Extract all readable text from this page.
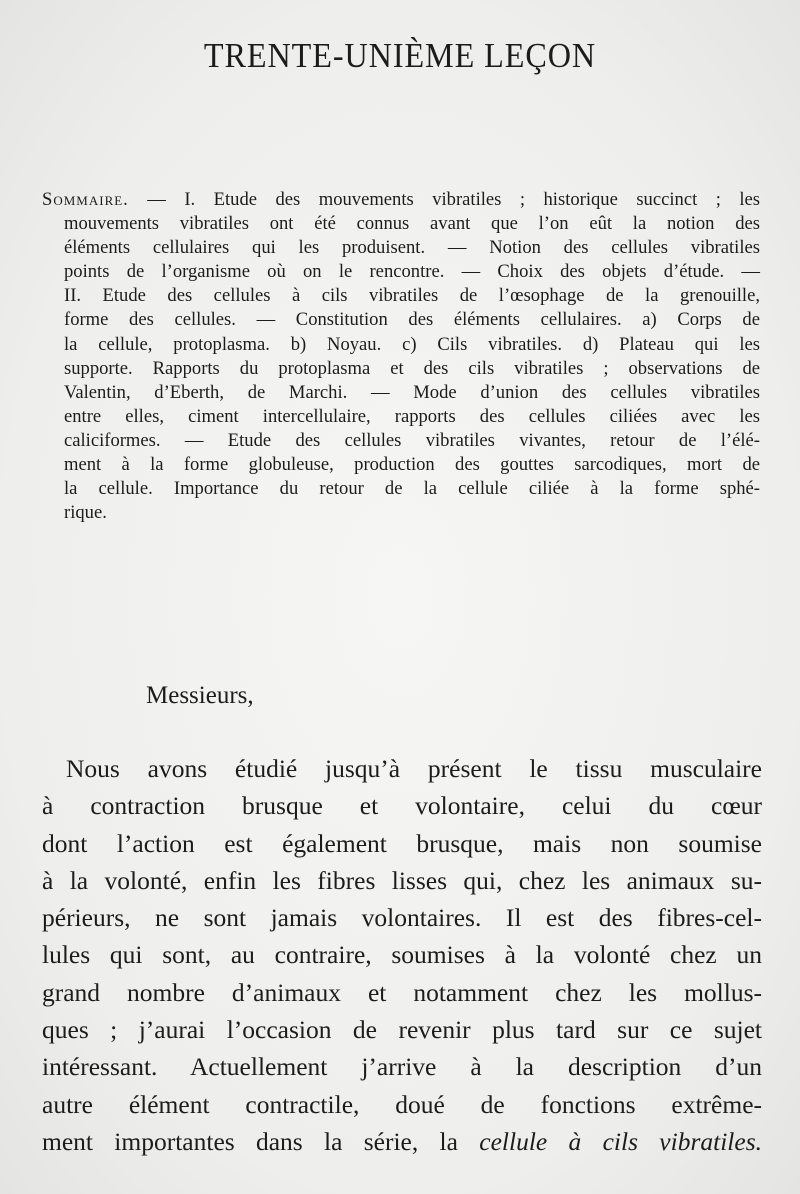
TRENTE-UNIÈME LEÇON
Sommaire. — I. Etude des mouvements vibratiles ; historique succinct ; les
mouvements vibratiles ont été connus avant que l’on eût la notion des
éléments cellulaires qui les produisent. — Notion des cellules vibratiles
points de l’organisme où on le rencontre. — Choix des objets d’étude. —
II. Etude des cellules à cils vibratiles de l’œsophage de la grenouille,
forme des cellules. — Constitution des éléments cellulaires. a) Corps de
la cellule, protoplasma. b) Noyau. c) Cils vibratiles. d) Plateau qui les
supporte. Rapports du protoplasma et des cils vibratiles ; observations de
Valentin, d’Eberth, de Marchi. — Mode d’union des cellules vibratiles
entre elles, ciment intercellulaire, rapports des cellules ciliées avec les
caliciformes. — Etude des cellules vibratiles vivantes, retour de l’élé-
ment à la forme globuleuse, production des gouttes sarcodiques, mort de
la cellule. Importance du retour de la cellule ciliée à la forme sphé-
rique.
Messieurs,
Nous avons étudié jusqu’à présent le tissu musculaire
à contraction brusque et volontaire, celui du cœur
dont l’action est également brusque, mais non soumise
à la volonté, enfin les fibres lisses qui, chez les animaux su-
périeurs, ne sont jamais volontaires. Il est des fibres-cel-
lules qui sont, au contraire, soumises à la volonté chez un
grand nombre d’animaux et notamment chez les mollus-
ques ; j’aurai l’occasion de revenir plus tard sur ce sujet
intéressant. Actuellement j’arrive à la description d’un
autre élément contractile, doué de fonctions extrême-
ment importantes dans la série, la cellule à cils vibratiles.
